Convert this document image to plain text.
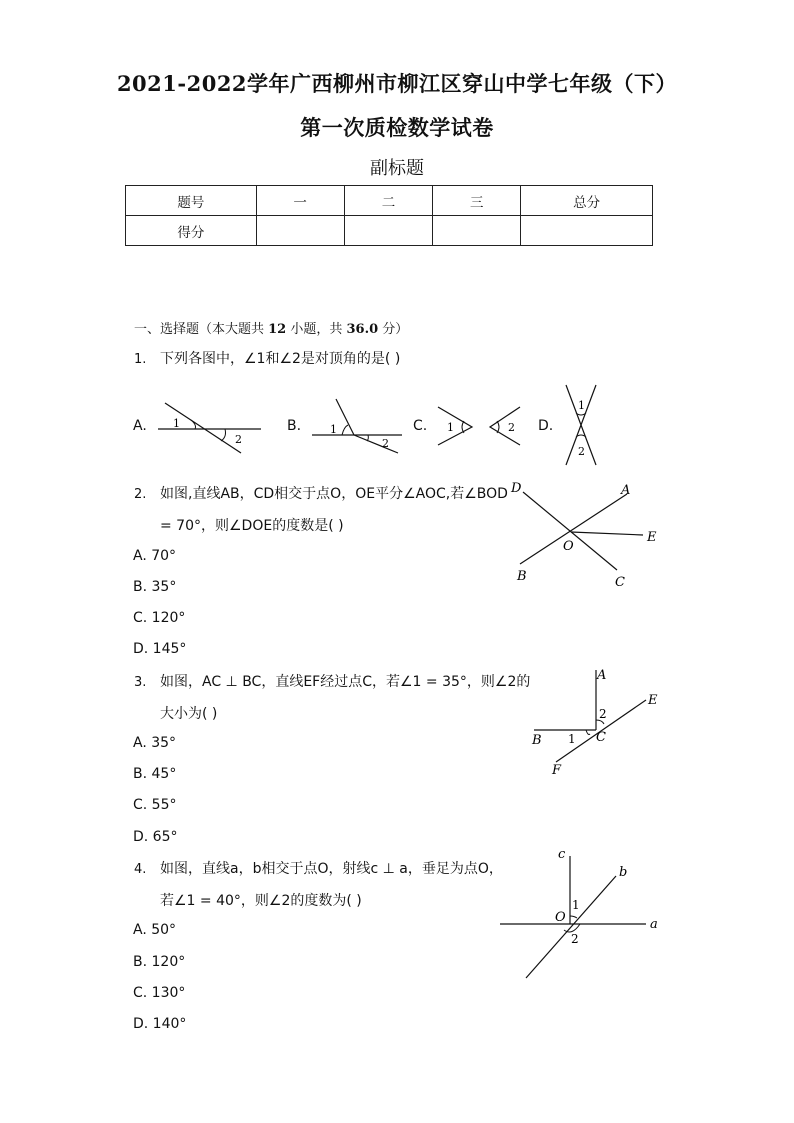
2021-2022学年广西柳州市柳江区穿山中学七年级（下）
第一次质检数学试卷
副标题
题号	一	二	三	总分
得分				
一、选择题（本大题共 12 小题，共 36.0 分）
1. 下列各图中，∠1和∠2是对顶角的是( )
A. 1
2
B.	1
2
C. 1	2 D.
1
2
2. 如图,直线AB，CD相交于点O，OE平分∠AOC,若∠BOD
= 70°，则∠DOE的度数是( )
A. 70°
B. 35°
C. 120°
D. 145°
D	A
E
O
B	C
3. 如图，AC ⊥ BC，直线EF经过点C，若∠1 = 35°，则∠2的
大小为( )
A. 35°
B. 45°
C. 55°
D. 65°
A
E
2
B 1 C
F
4. 如图，直线a，b相交于点O，射线c ⊥ a，垂足为点O，
若∠1 = 40°，则∠2的度数为( )
A. 50°
B. 120°
C. 130°
D. 140°
c
b
O
1
a
2
